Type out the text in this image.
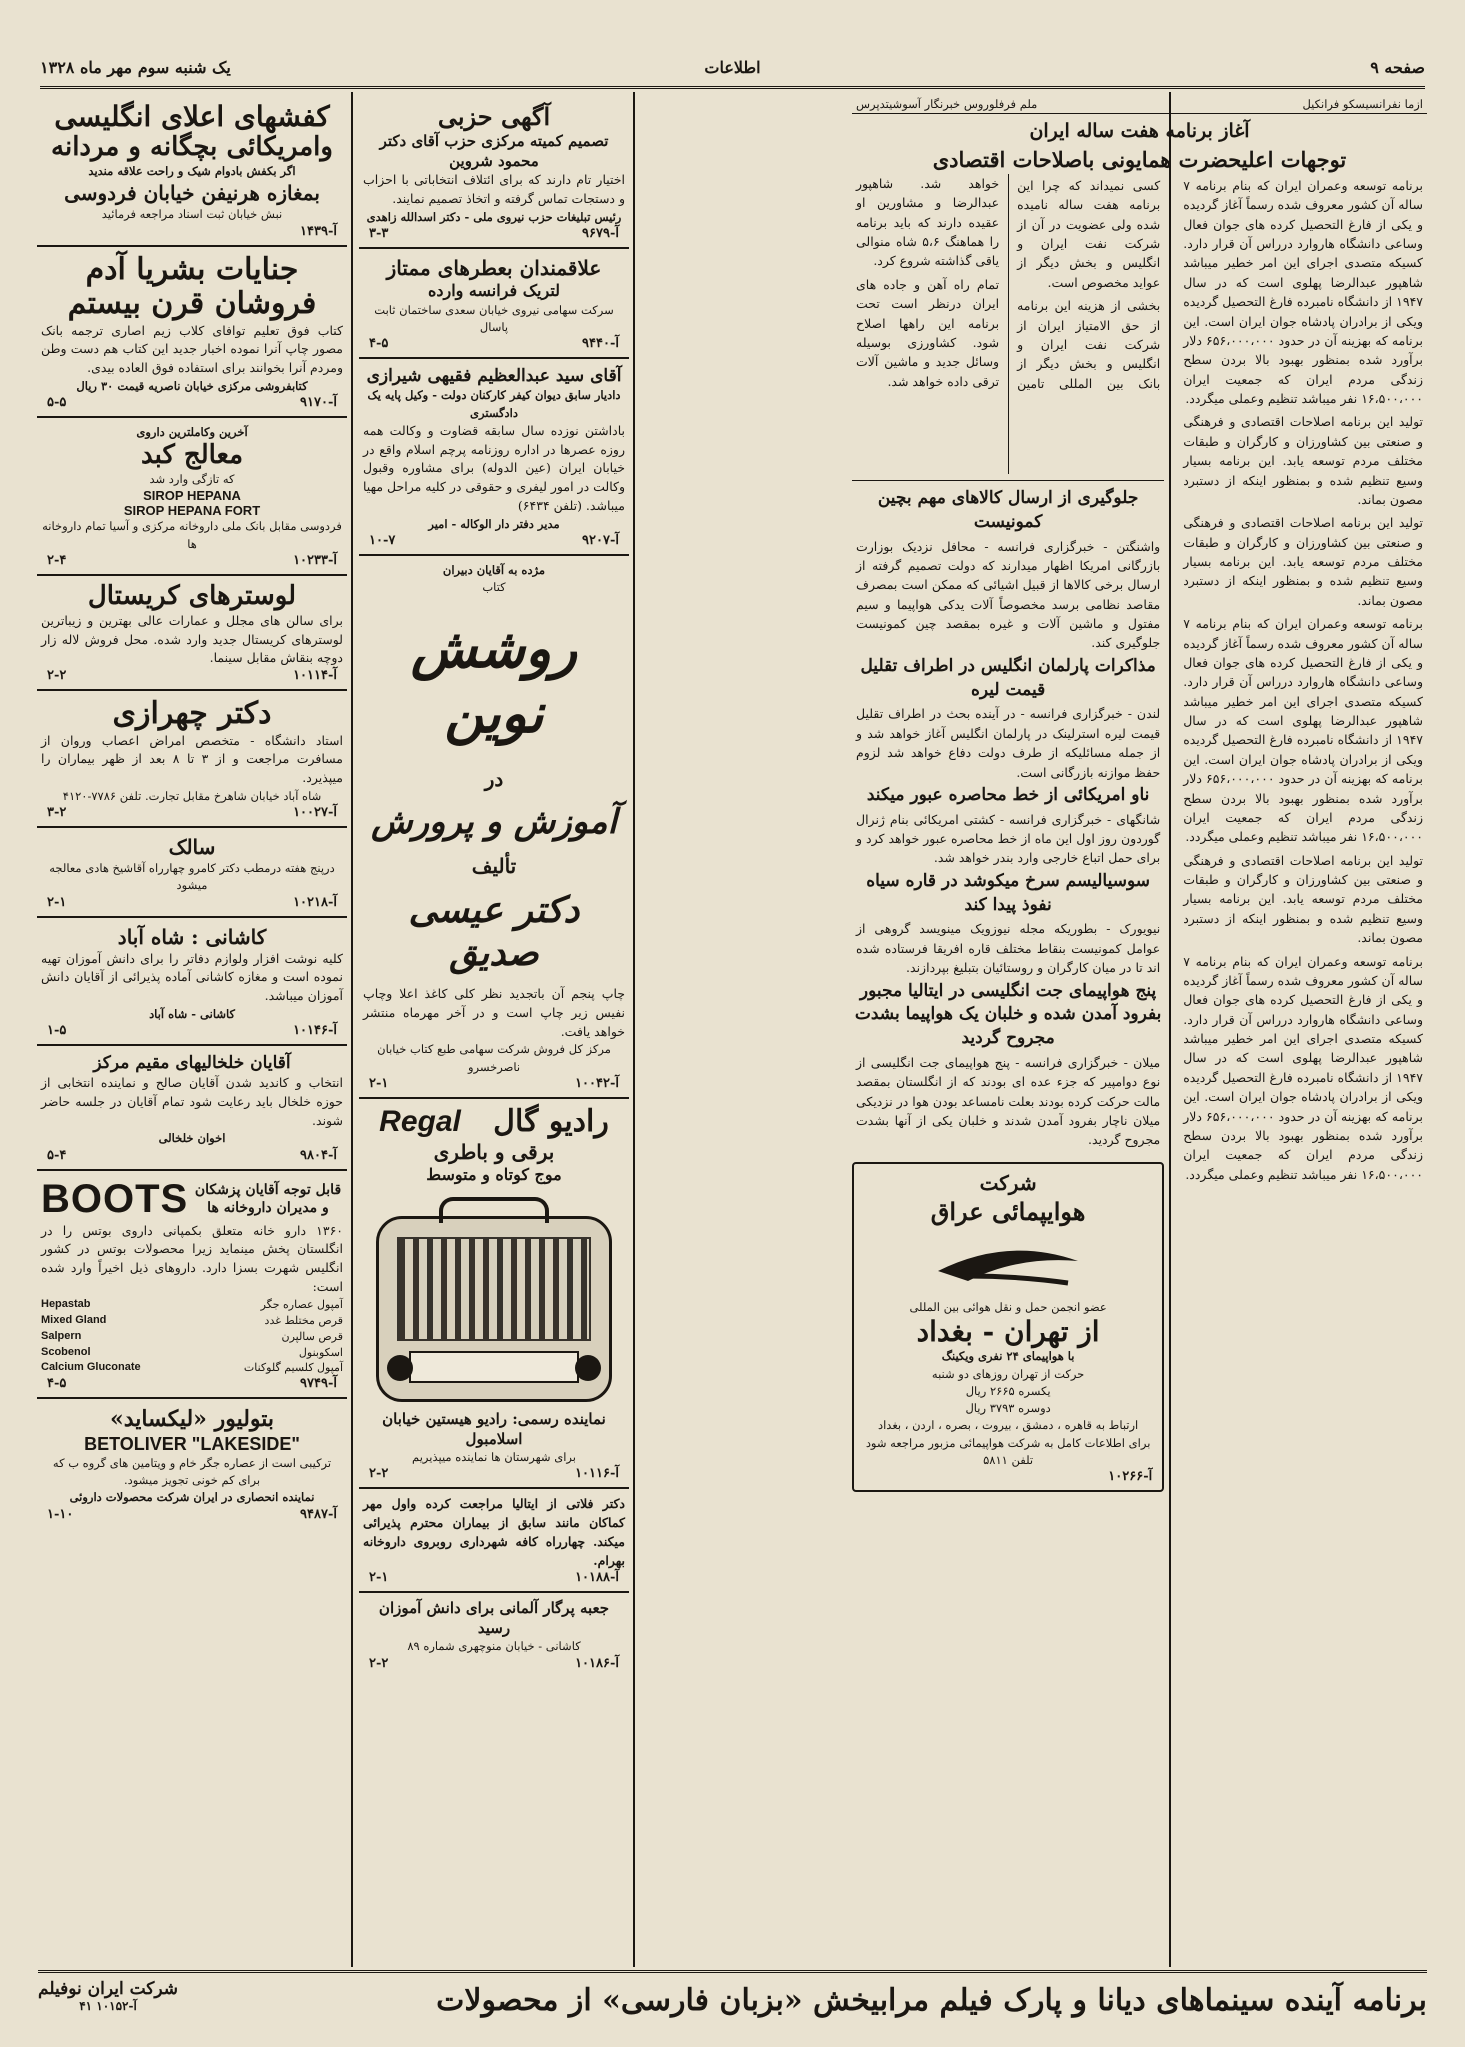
صفحه ۹
اطلاعات
یک شنبه سوم مهر ماه ۱۳۲۸
ازما نفرانسیسکو فرانکیل
ملم فرفلوروس خبرنگار آسوشیتدپرس
آغاز برنامه هفت ساله ایران
توجهات اعلیحضرت همایونی باصلاحات اقتصادی
برنامه توسعه وعمران ایران که بنام برنامه ۷ ساله آن کشور معروف شده رسماً آغاز گردیده و یکی از فارغ التحصیل کرده های جوان فعال وساعی دانشگاه هاروارد درراس آن قرار دارد. کسیکه متصدی اجرای این امر خطیر میباشد شاهپور عبدالرضا پهلوی است که در سال ۱۹۴۷ از دانشگاه نامبرده فارغ التحصیل گردیده ویکی از برادران پادشاه جوان ایران است. این برنامه که بهزینه آن در حدود ۶۵۶،۰۰۰،۰۰۰ دلار برآورد شده بمنظور بهبود بالا بردن سطح زندگی مردم ایران که جمعیت ایران ۱۶،۵۰۰،۰۰۰ نفر میباشد تنظیم وعملی میگردد.
تولید این برنامه اصلاحات اقتصادی و فرهنگی و صنعتی بین کشاورزان و کارگران و طبقات مختلف مردم توسعه یابد. این برنامه بسیار وسیع تنظیم شده و بمنظور اینکه از دستبرد مصون بماند.
تولید این برنامه اصلاحات اقتصادی و فرهنگی و صنعتی بین کشاورزان و کارگران و طبقات مختلف مردم توسعه یابد. این برنامه بسیار وسیع تنظیم شده و بمنظور اینکه از دستبرد مصون بماند.
برنامه توسعه وعمران ایران که بنام برنامه ۷ ساله آن کشور معروف شده رسماً آغاز گردیده و یکی از فارغ التحصیل کرده های جوان فعال وساعی دانشگاه هاروارد درراس آن قرار دارد. کسیکه متصدی اجرای این امر خطیر میباشد شاهپور عبدالرضا پهلوی است که در سال ۱۹۴۷ از دانشگاه نامبرده فارغ التحصیل گردیده ویکی از برادران پادشاه جوان ایران است. این برنامه که بهزینه آن در حدود ۶۵۶،۰۰۰،۰۰۰ دلار برآورد شده بمنظور بهبود بالا بردن سطح زندگی مردم ایران که جمعیت ایران ۱۶،۵۰۰،۰۰۰ نفر میباشد تنظیم وعملی میگردد.
تولید این برنامه اصلاحات اقتصادی و فرهنگی و صنعتی بین کشاورزان و کارگران و طبقات مختلف مردم توسعه یابد. این برنامه بسیار وسیع تنظیم شده و بمنظور اینکه از دستبرد مصون بماند.
برنامه توسعه وعمران ایران که بنام برنامه ۷ ساله آن کشور معروف شده رسماً آغاز گردیده و یکی از فارغ التحصیل کرده های جوان فعال وساعی دانشگاه هاروارد درراس آن قرار دارد. کسیکه متصدی اجرای این امر خطیر میباشد شاهپور عبدالرضا پهلوی است که در سال ۱۹۴۷ از دانشگاه نامبرده فارغ التحصیل گردیده ویکی از برادران پادشاه جوان ایران است. این برنامه که بهزینه آن در حدود ۶۵۶،۰۰۰،۰۰۰ دلار برآورد شده بمنظور بهبود بالا بردن سطح زندگی مردم ایران که جمعیت ایران ۱۶،۵۰۰،۰۰۰ نفر میباشد تنظیم وعملی میگردد.
کسی نمیداند که چرا این برنامه هفت ساله نامیده شده ولی عضویت در آن از شرکت نفت ایران و انگلیس و بخش دیگر از عواید مخصوص است.
بخشی از هزینه این برنامه از حق الامتیاز ایران از شرکت نفت ایران و انگلیس و بخش دیگر از بانک بین المللی تامین خواهد شد. شاهپور عبدالرضا و مشاورین او عقیده دارند که باید برنامه را هماهنگ ۵،۶ شاه منوالی یاقی گذاشته شروع کرد.
تمام راه آهن و جاده های ایران درنظر است تحت برنامه این راهها اصلاح شود. کشاورزی بوسیله وسائل جدید و ماشین آلات ترقی داده خواهد شد.
جلوگیری از ارسال کالاهای مهم بچین کمونیست
واشنگتن - خبرگزاری فرانسه - محافل نزدیک بوزارت بازرگانی امریکا اظهار میدارند که دولت تصمیم گرفته از ارسال برخی کالاها از قبیل اشیائی که ممکن است بمصرف مقاصد نظامی برسد مخصوصاً آلات یدکی هواپیما و سیم مفتول و ماشین آلات و غیره بمقصد چین کمونیست جلوگیری کند.
مذاکرات پارلمان انگلیس در اطراف تقلیل قیمت لیره
لندن - خبرگزاری فرانسه - در آینده بحث در اطراف تقلیل قیمت لیره استرلینک در پارلمان انگلیس آغاز خواهد شد و از جمله مسائلیکه از طرف دولت دفاع خواهد شد لزوم حفظ موازنه بازرگانی است.
ناو امریکائی از خط محاصره عبور میکند
شانگهای - خبرگزاری فرانسه - کشتی امریکائی بنام ژنرال گوردون روز اول این ماه از خط محاصره عبور خواهد کرد و برای حمل اتباع خارجی وارد بندر خواهد شد.
سوسیالیسم سرخ میکوشد در قاره سیاه نفوذ پیدا کند
نیویورک - بطوریکه مجله نیوزویک مینویسد گروهی از عوامل کمونیست بنقاط مختلف قاره افریقا فرستاده شده اند تا در میان کارگران و روستائیان بتبلیغ بپردازند.
پنج هواپیمای جت انگلیسی در ایتالیا مجبور بفرود آمدن شده و خلبان یک هواپیما بشدت مجروح گردید
میلان - خبرگزاری فرانسه - پنج هواپیمای جت انگلیسی از نوع دوامپیر که جزء عده ای بودند که از انگلستان بمقصد مالت حرکت کرده بودند بعلت نامساعد بودن هوا در نزدیکی میلان ناچار بفرود آمدن شدند و خلبان یکی از آنها بشدت مجروح گردید.
شرکت
هوایپمائی عراق
عضو انجمن حمل و نقل هوائی بین المللی
از تهران - بغداد
با هواپیمای ۲۴ نفری ویکینگ
حرکت از تهران روزهای دو شنبه
یکسره ۲۶۶۵ ریال
دوسره ۳۷۹۳ ریال
ارتباط به قاهره ، دمشق ، بیروت ، بصره ، اردن ، بغداد
برای اطلاعات کامل به شرکت هواپیمائی مزبور مراجعه شود تلفن ۵۸۱۱
آ-۱۰۲۶۶
آگهی حزبی
تصمیم کمیته مرکزی حزب آقای دکتر محمود شروین
اختیار تام دارند که برای ائتلاف انتخاباتی با احزاب و دستجات تماس گرفته و اتخاذ تصمیم نمایند.
رئیس تبلیغات حزب نیروی ملی - دکتر اسدالله زاهدی
آ-۹۶۷۹
۳-۳
علاقمندان بعطرهای ممتاز
لتریک فرانسه وارده
سرکت سهامی نیروی خیابان سعدی ساختمان ثابت پاسال
آ-۹۴۴۰
۴-۵
آقای سید عبدالعظیم فقیهی شیرازی
دادیار سابق دیوان کیفر کارکنان دولت - وکیل پایه یک دادگستری
باداشتن نوزده سال سابقه قضاوت و وکالت همه روزه عصرها در اداره روزنامه پرچم اسلام واقع در خیابان ایران (عین الدوله) برای مشاوره وقبول وکالت در امور لیفری و حقوقی در کلیه مراحل مهیا میباشد. (تلفن ۶۴۳۴)
مدیر دفتر دار الوکاله - امیر
آ-۹۲۰۷
۱۰-۷
مژده به آقایان دبیران
کتاب
روشش نوین
در
آموزش و پرورش
تألیف
دکتر عیسی صدیق
چاپ پنجم آن باتجدید نظر کلی کاغذ اعلا وچاپ نفیس زیر چاپ است و در آخر مهرماه منتشر خواهد یافت.
مرکز کل فروش شرکت سهامی طبع کتاب خیابان ناصرخسرو
آ-۱۰۰۴۲
۲-۱
رادیو گال
Regal
برقی و باطری
موج کوتاه و متوسط
نماینده رسمی: رادیو هیستین خیابان اسلامبول
برای شهرستان ها نماینده میپذیریم
آ-۱۰۱۱۶
۲-۲
دکتر فلاتی از ایتالیا مراجعت کرده واول مهر کماکان مانند سابق از بیماران محترم پذیرائی میکند. چهارراه کافه شهرداری روبروی داروخانه بهرام.
آ-۱۰۱۸۸
۲-۱
جعبه پرگار آلمانی برای دانش آموزان رسید
کاشانی - خیابان منوچهری شماره ۸۹
آ-۱۰۱۸۶
۲-۲
کفشهای اعلای انگلیسی
وامریکائی بچگانه و مردانه
اگر بکفش بادوام شیک و راحت علاقه مندید
بمغازه هرنیفن خیابان فردوسی
نبش خیابان ثبت اسناد مراجعه فرمائید
آ-۱۴۳۹
جنایات بشریا آدم
فروشان قرن بیستم
کتاب فوق تعلیم توافای کلاب زیم اصاری ترجمه بانک مصور چاپ آنرا نموده اخبار جدید این کتاب هم دست وطن ومردم آنرا بخوانند برای استفاده فوق العاده بیدی.
کتابفروشی مرکزی خیابان ناصریه قیمت ۳۰ ریال
آ-۹۱۷۰
۵-۵
آخرین وکاملترین داروی
معالج کبد
که تازگی وارد شد
SIROP HEPANA
SIROP HEPANA FORT
فردوسی مقابل بانک ملی داروخانه مرکزی و آسیا تمام داروخانه ها
آ-۱۰۲۳۳
۲-۴
لوسترهای کریستال
برای سالن های مجلل و عمارات عالی بهترین و زیباترین لوسترهای کریستال جدید وارد شده. محل فروش لاله زار دوچه بنقاش مقابل سینما.
آ-۱۰۱۱۴
۲-۲
دکتر چهرازی
استاد دانشگاه - متخصص امراض اعصاب وروان از مسافرت مراجعت و از ۳ تا ۸ بعد از ظهر بیماران را میپذیرد.
شاه آباد خیابان شاهرخ مقابل تجارت. تلفن ۷۷۸۶-۴۱۲۰
آ-۱۰۰۲۷
۳-۲
سالک
درپنج هفته درمطب دکتر کامرو چهارراه آقاشیخ هادی معالجه میشود
آ-۱۰۲۱۸
۲-۱
کاشانی : شاه آباد
کلیه نوشت افزار ولوازم دفاتر را برای دانش آموزان تهیه نموده است و مغازه کاشانی آماده پذیرائی از آقایان دانش آموزان میباشد.
کاشانی - شاه آباد
آ-۱۰۱۴۶
۱-۵
آقایان خلخالیهای مقیم مرکز
انتخاب و کاندید شدن آقایان صالح و نماینده انتخابی از حوزه خلخال باید رعایت شود تمام آقایان در جلسه حاضر شوند.
اخوان خلخالی
آ-۹۸۰۴
۵-۴
قابل توجه آقایان پزشکان و مدیران داروخانه ها
BOOTS
۱۳۶۰ دارو خانه متعلق بکمپانی داروی بوتس را در انگلستان پخش مینماید زیرا محصولات بوتس در کشور انگلیس شهرت بسزا دارد. داروهای ذیل اخیراً وارد شده است:
آمپول عصاره جگر
Hepastab
قرص مختلط غدد
Mixed Gland
قرص سالپرن
Salpern
اسکوبنول
Scobenol
آمپول کلسیم گلوکنات
Calcium Gluconate
آ-۹۷۴۹
۴-۵
بتولیور «لیکساید»
BETOLIVER "LAKESIDE"
ترکیبی است از عصاره جگر خام و ویتامین های گروه ب که برای کم خونی تجویز میشود.
نماینده انحصاری در ایران شرکت محصولات داروئی
آ-۹۴۸۷
۱-۱۰
برنامه آینده سینماهای دیانا و پارک فیلم مرابیخش «بزبان فارسی» از محصولات
شرکت ایران نوفیلم
آ-۱۰۱۵۲ ۴۱
